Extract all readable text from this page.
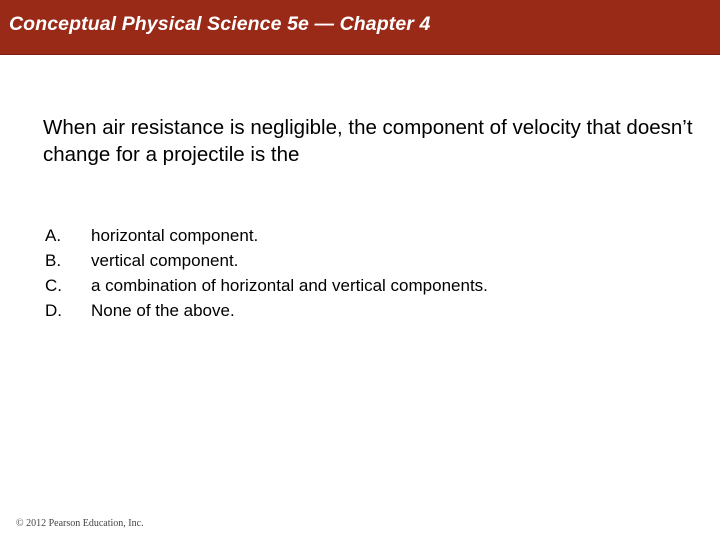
Conceptual Physical Science 5e — Chapter 4
When air resistance is negligible, the component of velocity that doesn’t change for a projectile is the
A.	horizontal component.
B.	vertical component.
C.	a combination of horizontal and vertical components.
D.	None of the above.
© 2012 Pearson Education, Inc.
